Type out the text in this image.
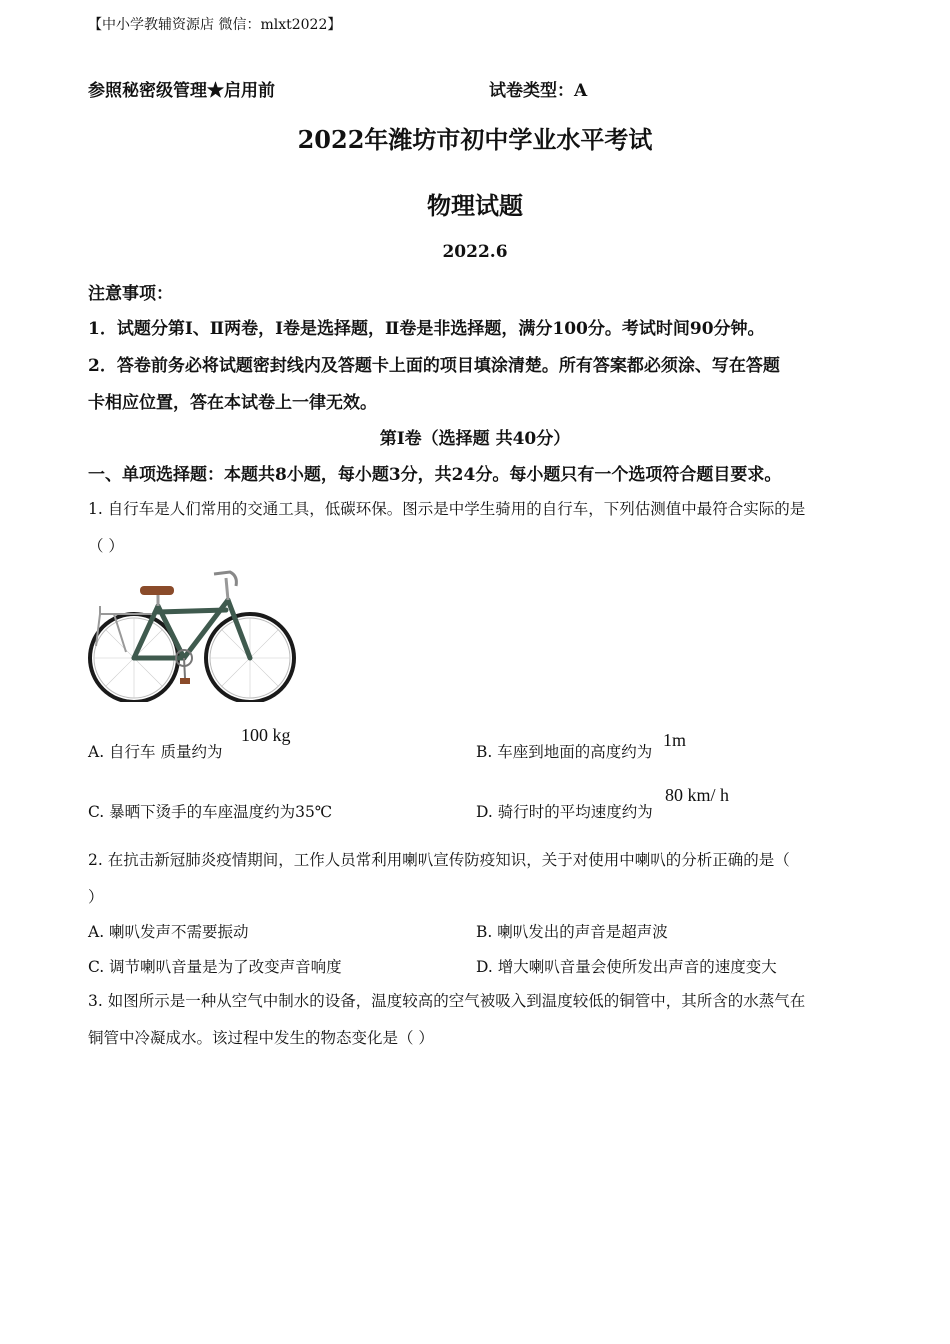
【中小学教辅资源店 微信：mlxt2022】
参照秘密级管理★启用前	试卷类型：A
2022年潍坊市初中学业水平考试
物理试题
2022.6
注意事项：
1．试题分第Ⅰ、Ⅱ两卷，Ⅰ卷是选择题，Ⅱ卷是非选择题，满分100分。考试时间90分钟。
2．答卷前务必将试题密封线内及答题卡上面的项目填涂清楚。所有答案都必须涂、写在答题
卡相应位置，答在本试卷上一律无效。
第Ⅰ卷（选择题 共40分）
一、单项选择题：本题共8小题，每小题3分，共24分。每小题只有一个选项符合题目要求。
1. 自行车是人们常用的交通工具，低碳环保。图示是中学生骑用的自行车，下列估测值中最符合实际的是
（ ）
A. 自行车 质量约为
100 kg
B. 车座到地面的高度约为
1m
C. 暴晒下烫手的车座温度约为35℃	D. 骑行时的平均速度约为
80 km/ h
2. 在抗击新冠肺炎疫情期间，工作人员常利用喇叭宣传防疫知识，关于对使用中喇叭的分析正确的是（
）
A. 喇叭发声不需要振动	B. 喇叭发出的声音是超声波
C. 调节喇叭音量是为了改变声音响度	D. 增大喇叭音量会使所发出声音的速度变大
3. 如图所示是一种从空气中制水的设备，温度较高的空气被吸入到温度较低的铜管中，其所含的水蒸气在
铜管中冷凝成水。该过程中发生的物态变化是（ ）
